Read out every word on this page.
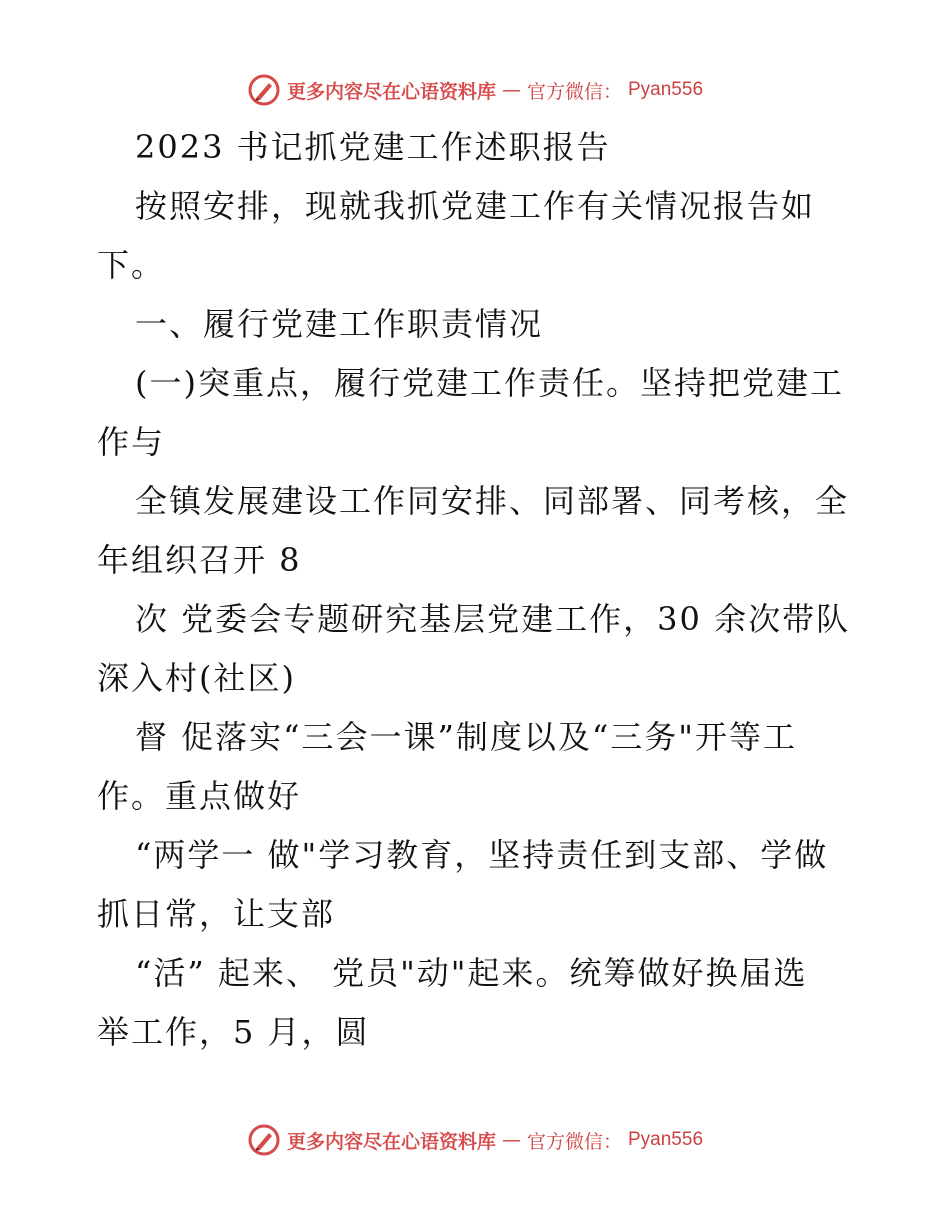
更多内容尽在心语资料库 — 官方微信： Pyan556
2023 书记抓党建工作述职报告
按照安排，现就我抓党建工作有关情况报告如
下。
一、履行党建工作职责情况
(一)突重点，履行党建工作责任。坚持把党建工
作与
全镇发展建设工作同安排、同部署、同考核，全
年组织召开 8
次 党委会专题研究基层党建工作，30 余次带队
深入村(社区)
督 促落实“三会一课”制度以及“三务"开等工
作。重点做好
“两学一 做"学习教育，坚持责任到支部、学做
抓日常，让支部
“活” 起来、 党员"动"起来。统筹做好换届选
举工作，5 月，圆
更多内容尽在心语资料库 — 官方微信： Pyan556
